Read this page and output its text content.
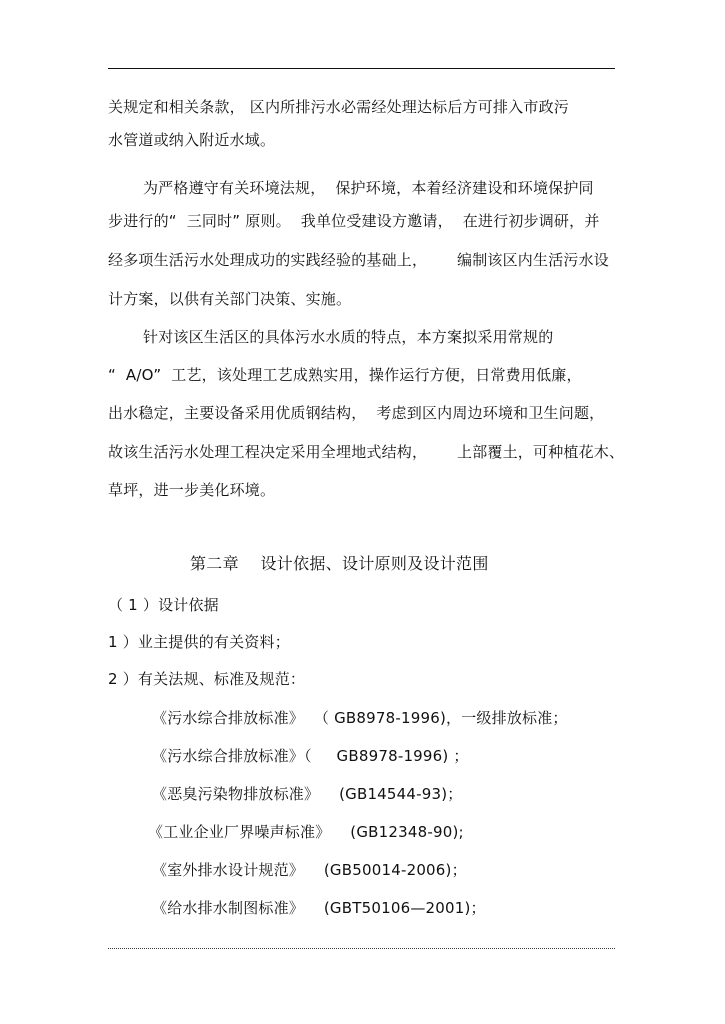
关规定和相关条款， 区内所排污水必需经处理达标后方可排入市政污
水管道或纳入附近水域。
为严格遵守有关环境法规，  保护环境，本着经济建设和环境保护同
步进行的“  三同时” 原则。  我单位受建设方邀请，  在进行初步调研，并
经多项生活污水处理成功的实践经验的基础上，      编制该区内生活污水设
计方案，以供有关部门决策、实施。
针对该区生活区的具体污水水质的特点，本方案拟采用常规的
“  A/O”  工艺，该处理工艺成熟实用，操作运行方便，日常费用低廉，
出水稳定，主要设备采用优质钢结构，  考虑到区内周边环境和卫生问题，
故该生活污水处理工程决定采用全埋地式结构，      上部覆土，可种植花木、
草坪，进一步美化环境。
第二章    设计依据、设计原则及设计范围
（ 1 ）设计依据
1 ）业主提供的有关资料；
2 ）有关法规、标准及规范：
《污水综合排放标准》  （ GB8978-1996)，一级排放标准；
《污水综合排放标准》（     GB8978-1996) ；
《恶臭污染物排放标准》    (GB14544-93)；
《工业企业厂界噪声标准》    (GB12348-90);
《室外排水设计规范》    (GB50014-2006)；
《给水排水制图标准》    (GBT50106—2001)；
